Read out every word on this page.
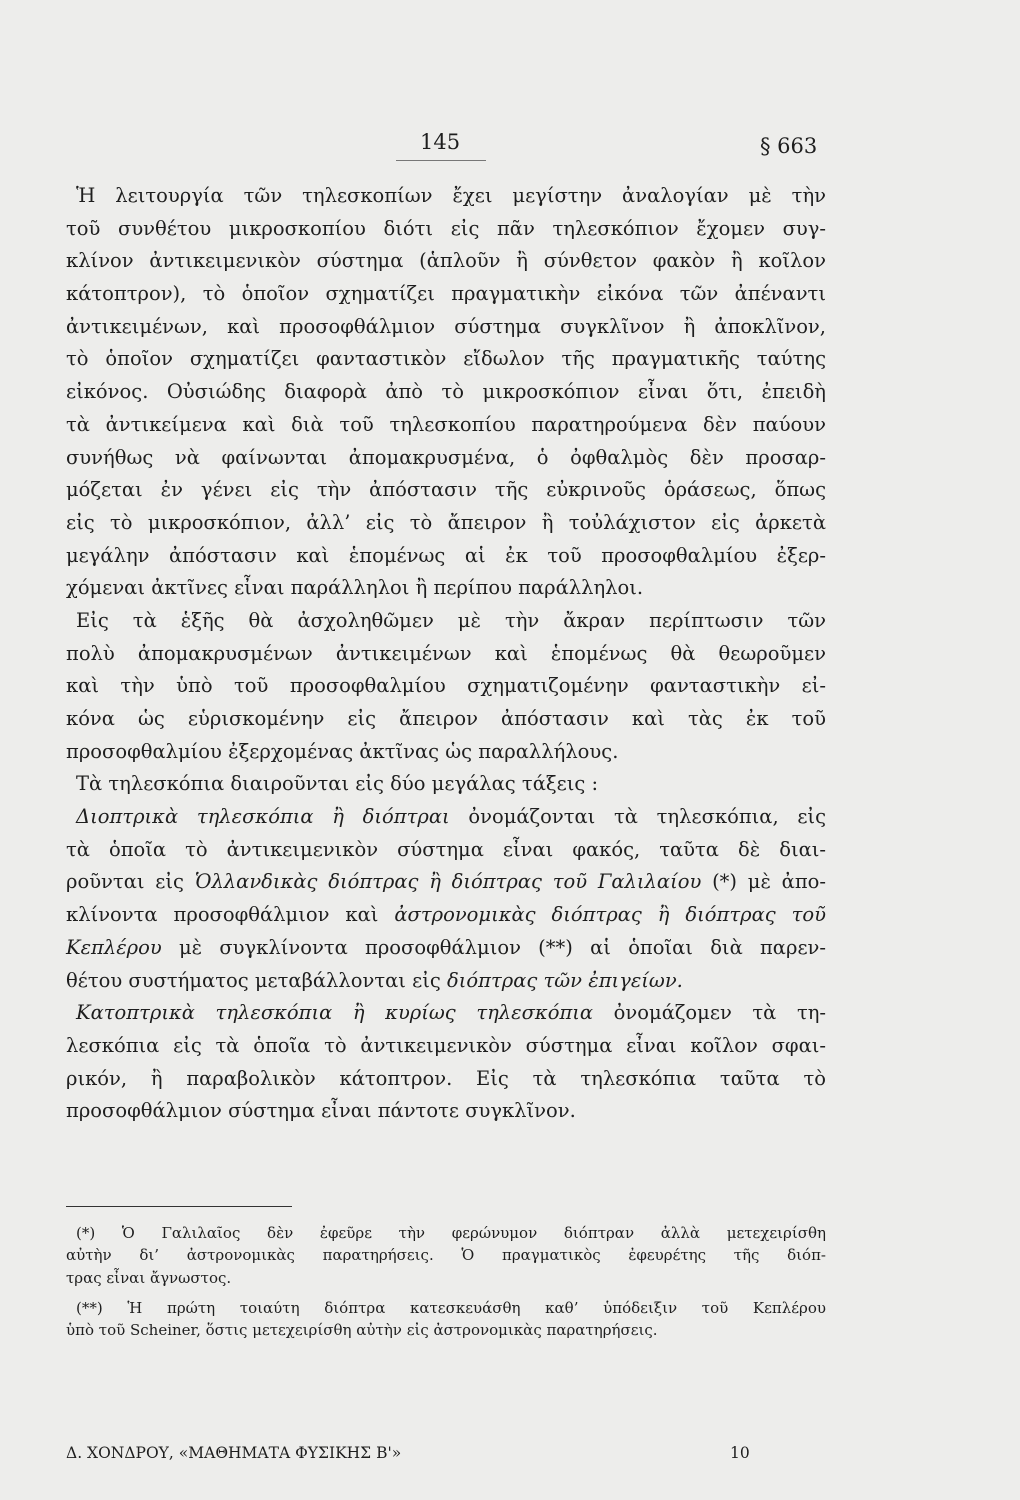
145	§ 663
Ἡ λειτουργία τῶν τηλεσκοπίων ἔχει μεγίστην ἀναλογίαν μὲ τὴν
τοῦ συνθέτου μικροσκοπίου διότι εἰς πᾶν τηλεσκόπιον ἔχομεν συγ-
κλίνον ἀντικειμενικὸν σύστημα (ἁπλοῦν ἢ σύνθετον φακὸν ἢ κοῖλον
κάτοπτρον), τὸ ὁποῖον σχηματίζει πραγματικὴν εἰκόνα τῶν ἀπέναντι
ἀντικειμένων, καὶ προσοφθάλμιον σύστημα συγκλῖνον ἢ ἀποκλῖνον,
τὸ ὁποῖον σχηματίζει φανταστικὸν εἴδωλον τῆς πραγματικῆς ταύτης
εἰκόνος. Οὐσιώδης διαφορὰ ἀπὸ τὸ μικροσκόπιον εἶναι ὅτι, ἐπειδὴ
τὰ ἀντικείμενα καὶ διὰ τοῦ τηλεσκοπίου παρατηρούμενα δὲν παύουν
συνήθως νὰ φαίνωνται ἀπομακρυσμένα, ὁ ὀφθαλμὸς δὲν προσαρ-
μόζεται ἐν γένει εἰς τὴν ἀπόστασιν τῆς εὐκρινοῦς ὁράσεως, ὅπως
εἰς τὸ μικροσκόπιον, ἀλλ’ εἰς τὸ ἄπειρον ἢ τοὐλάχιστον εἰς ἀρκετὰ
μεγάλην ἀπόστασιν καὶ ἑπομένως αἱ ἐκ τοῦ προσοφθαλμίου ἐξερ-
χόμεναι ἀκτῖνες εἶναι παράλληλοι ἢ περίπου παράλληλοι.
Εἰς τὰ ἑξῆς θὰ ἀσχοληθῶμεν μὲ τὴν ἄκραν περίπτωσιν τῶν
πολὺ ἀπομακρυσμένων ἀντικειμένων καὶ ἑπομένως θὰ θεωροῦμεν
καὶ τὴν ὑπὸ τοῦ προσοφθαλμίου σχηματιζομένην φανταστικὴν εἰ-
κόνα ὡς εὑρισκομένην εἰς ἄπειρον ἀπόστασιν καὶ τὰς ἐκ τοῦ
προσοφθαλμίου ἐξερχομένας ἀκτῖνας ὡς παραλλήλους.
Τὰ τηλεσκόπια διαιροῦνται εἰς δύο μεγάλας τάξεις :
Διοπτρικὰ τηλεσκόπια ἢ διόπτραι ὀνομάζονται τὰ τηλεσκόπια, εἰς
τὰ ὁποῖα τὸ ἀντικειμενικὸν σύστημα εἶναι φακός, ταῦτα δὲ διαι-
ροῦνται εἰς Ὁλλανδικὰς διόπτρας ἢ διόπτρας τοῦ Γαλιλαίου (*) μὲ ἀπο-
κλίνοντα προσοφθάλμιον καὶ ἀστρονομικὰς διόπτρας ἢ διόπτρας τοῦ
Κεπλέρου μὲ συγκλίνοντα προσοφθάλμιον (**) αἱ ὁποῖαι διὰ παρεν-
θέτου συστήματος μεταβάλλονται εἰς διόπτρας τῶν ἐπιγείων.
Κατοπτρικὰ τηλεσκόπια ἢ κυρίως τηλεσκόπια ὀνομάζομεν τὰ τη-
λεσκόπια εἰς τὰ ὁποῖα τὸ ἀντικειμενικὸν σύστημα εἶναι κοῖλον σφαι-
ρικόν, ἢ παραβολικὸν κάτοπτρον. Εἰς τὰ τηλεσκόπια ταῦτα τὸ
προσοφθάλμιον σύστημα εἶναι πάντοτε συγκλῖνον.
(*) Ὁ Γαλιλαῖος δὲν ἐφεῦρε τὴν φερώνυμον διόπτραν ἀλλὰ μετεχειρίσθη
αὐτὴν δι’ ἀστρονομικὰς παρατηρήσεις. Ὁ πραγματικὸς ἐφευρέτης τῆς διόπ-
τρας εἶναι ἄγνωστος.
(**) Ἡ πρώτη τοιαύτη διόπτρα κατεσκευάσθη καθ’ ὑπόδειξιν τοῦ Κεπλέρου
ὑπὸ τοῦ Scheiner, ὅστις μετεχειρίσθη αὐτὴν εἰς ἀστρονομικὰς παρατηρήσεις.
Δ. ΧΟΝΔΡΟΥ, «ΜΑΘΗΜΑΤΑ ΦΥΣΙΚΗΣ Β'»	10
